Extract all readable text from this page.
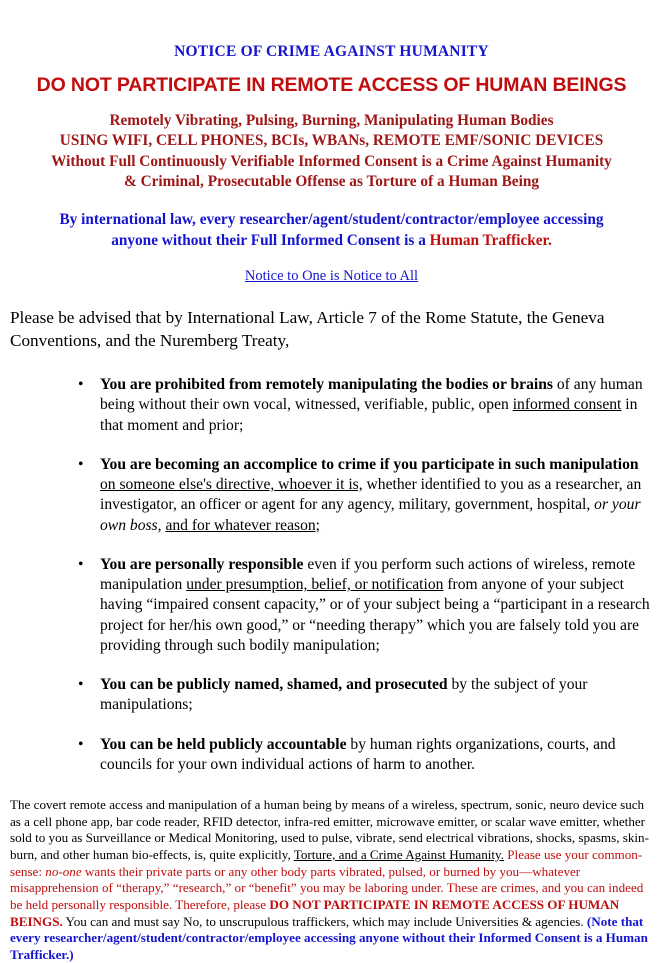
NOTICE OF CRIME AGAINST HUMANITY
DO NOT PARTICIPATE IN REMOTE ACCESS OF HUMAN BEINGS

Remotely Vibrating, Pulsing, Burning, Manipulating Human Bodies
USING WIFI, CELL PHONES, BCIs, WBANs, REMOTE EMF/SONIC DEVICES
Without Full Continuously Verifiable Informed Consent is a Crime Against Humanity
& Criminal, Prosecutable Offense as Torture of a Human Being

By international law, every researcher/agent/student/contractor/employee accessing
anyone without their Full Informed Consent is a Human Trafficker.

Notice to One is Notice to All

Please be advised that by International Law, Article 7 of the Rome Statute, the Geneva Conventions, and the Nuremberg Treaty,

• You are prohibited from remotely manipulating the bodies or brains of any human being without their own vocal, witnessed, verifiable, public, open informed consent in that moment and prior;
• You are becoming an accomplice to crime if you participate in such manipulation on someone else's directive, whoever it is, whether identified to you as a researcher, an investigator, an officer or agent for any agency, military, government, hospital, or your own boss, and for whatever reason;
• You are personally responsible even if you perform such actions of wireless, remote manipulation under presumption, belief, or notification from anyone of your subject having “impaired consent capacity,” or of your subject being a “participant in a research project for her/his own good,” or “needing therapy” which you are falsely told you are providing through such bodily manipulation;
• You can be publicly named, shamed, and prosecuted by the subject of your manipulations;
• You can be held publicly accountable by human rights organizations, courts, and councils for your own individual actions of harm to another.

The covert remote access and manipulation of a human being by means of a wireless, spectrum, sonic, neuro device such as a cell phone app, bar code reader, RFID detector, infra-red emitter, microwave emitter, or scalar wave emitter, whether sold to you as Surveillance or Medical Monitoring, used to pulse, vibrate, send electrical vibrations, shocks, spasms, skin-burn, and other human bio-effects, is, quite explicitly, Torture, and a Crime Against Humanity. Please use your common-sense: no-one wants their private parts or any other body parts vibrated, pulsed, or burned by you—whatever misapprehension of “therapy,” “research,” or “benefit” you may be laboring under. These are crimes, and you can indeed be held personally responsible. Therefore, please DO NOT PARTICIPATE IN REMOTE ACCESS OF HUMAN BEINGS. You can and must say No, to unscrupulous traffickers, which may include Universities & agencies. (Note that every researcher/agent/student/contractor/employee accessing anyone without their Informed Consent is a Human Trafficker.)
